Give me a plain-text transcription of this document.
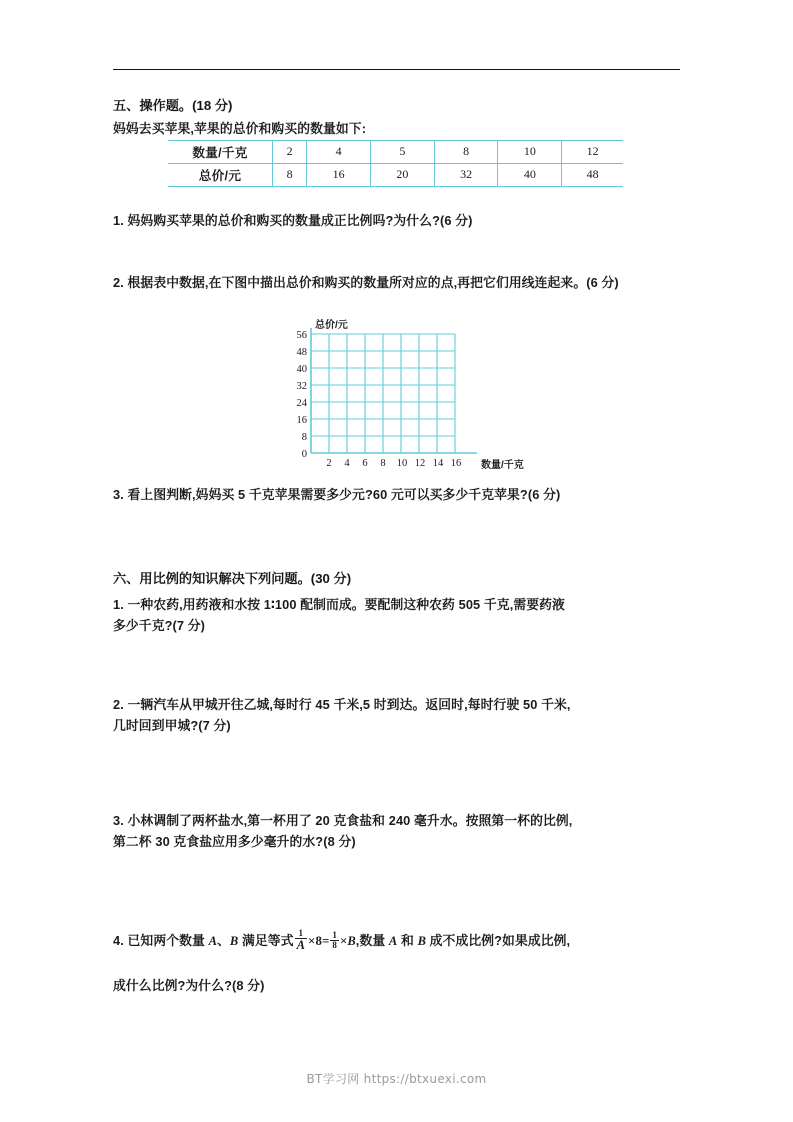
五、操作题。(18 分)
妈妈去买苹果,苹果的总价和购买的数量如下:
数量/千克	2	4	5	8	10	12
总价/元	8	16	20	32	40	48
1. 妈妈购买苹果的总价和购买的数量成正比例吗?为什么?(6 分)
2. 根据表中数据,在下图中描出总价和购买的数量所对应的点,再把它们用线连起来。(6 分)
0
8
16
24
32
40
48
56
2 4 6 8 10 12 14 16
总价/元
数量/千克
3. 看上图判断,妈妈买 5 千克苹果需要多少元?60 元可以买多少千克苹果?(6 分)
六、用比例的知识解决下列问题。(30 分)
1. 一种农药,用药液和水按 1∶100 配制而成。要配制这种农药 505 千克,需要药液
多少千克?(7 分)
2. 一辆汽车从甲城开往乙城,每时行 45 千米,5 时到达。返回时,每时行驶 50 千米,
几时回到甲城?(7 分)
3. 小林调制了两杯盐水,第一杯用了 20 克食盐和 240 毫升水。按照第一杯的比例,
第二杯 30 克食盐应用多少毫升的水?(8 分)
4. 已知两个数量 A、B 满足等式 $\frac{1}{A} \times 8= \frac{1}{8} \times B$,数量 A 和 B 成不成比例?如果成比例,
成什么比例?为什么?(8 分)
BT学习网 https://btxuexi.com
